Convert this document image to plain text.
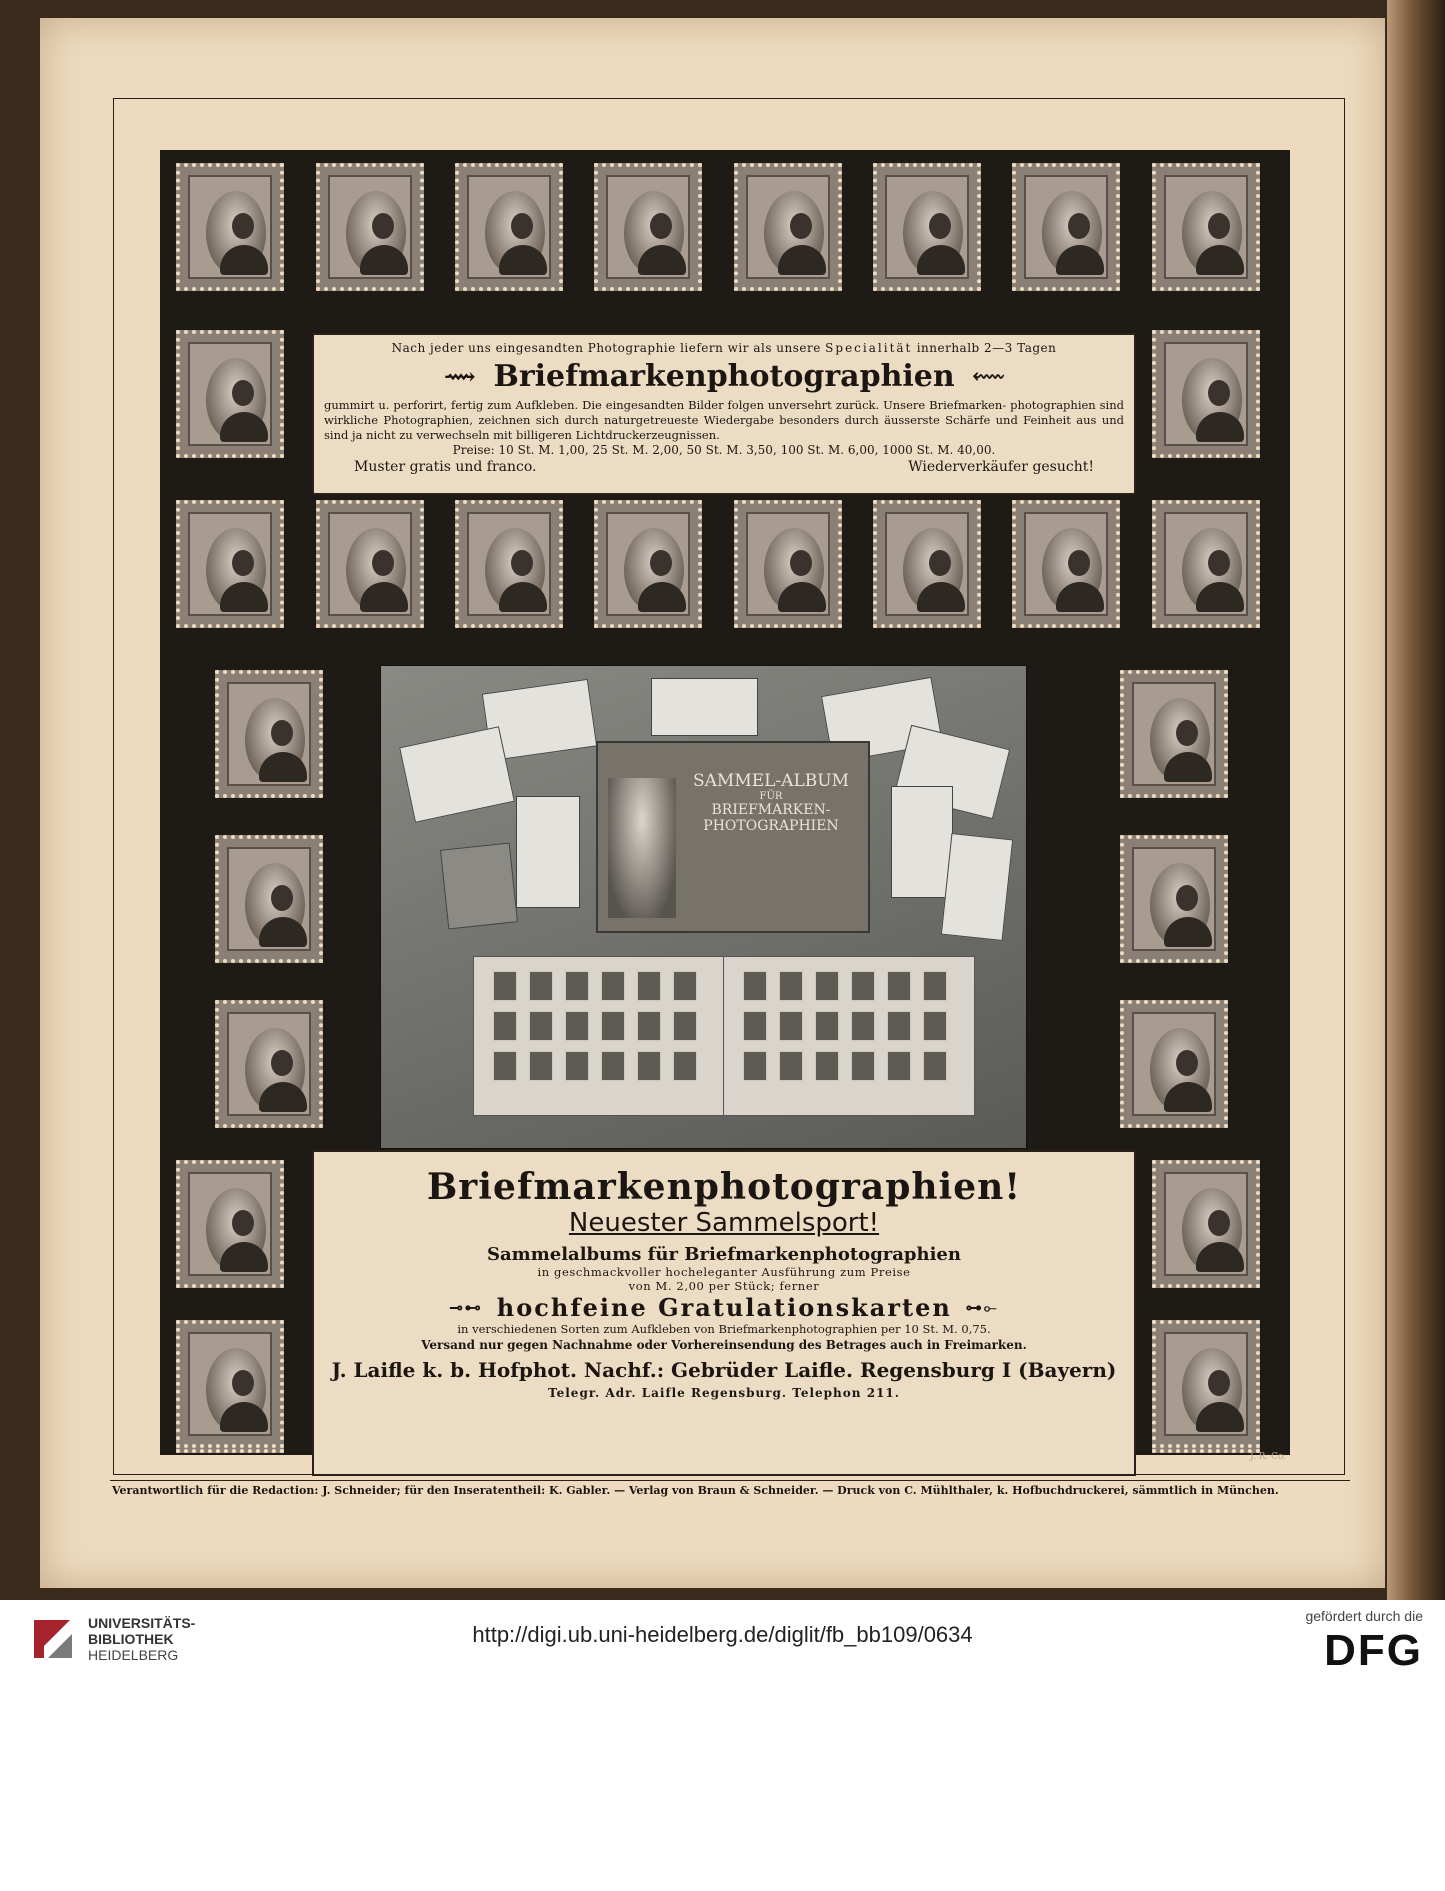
Nach jeder uns eingesandten Photographie liefern wir als unsere Specialität innerhalb 2—3 Tagen
⟿ Briefmarkenphotographien ⬳
gummirt u. perforirt, fertig zum Aufkleben. Die eingesandten Bilder folgen unversehrt zurück. Unsere Briefmarken- photographien sind wirkliche Photographien, zeichnen sich durch naturgetreueste Wiedergabe besonders durch äusserste Schärfe und Feinheit aus und sind ja nicht zu verwechseln mit billigeren Lichtdruckerzeugnissen.
Preise: 10 St. M. 1,00, 25 St. M. 2,00, 50 St. M. 3,50, 100 St. M. 6,00, 1000 St. M. 40,00.
Muster gratis und franco.	Wiederverkäufer gesucht!
SAMMEL-ALBUM
FÜR
BRIEFMARKEN-
PHOTOGRAPHIEN
Briefmarkenphotographien!
Neuester Sammelsport!
Sammelalbums für Briefmarkenphotographien
in geschmackvoller hocheleganter Ausführung zum Preise
von M. 2,00 per Stück; ferner
⊸⊷ hochfeine Gratulationskarten ⊶⟜
in verschiedenen Sorten zum Aufkleben von Briefmarkenphotographien per 10 St. M. 0,75.
Versand nur gegen Nachnahme oder Vorhereinsendung des Betrages auch in Freimarken.
J. Laifle k. b. Hofphot. Nachf.: Gebrüder Laifle. Regensburg I (Bayern)
Telegr. Adr. Laifle Regensburg. Telephon 211.
J. R. Co.
Verantwortlich für die Redaction: J. Schneider; für den Inseratentheil: K. Gabler. — Verlag von Braun & Schneider. — Druck von C. Mühlthaler, k. Hofbuchdruckerei, sämmtlich in München.
UNIVERSITÄTS-
BIBLIOTHEK
HEIDELBERG
http://digi.ub.uni-heidelberg.de/diglit/fb_bb109/0634
gefördert durch die
DFG
